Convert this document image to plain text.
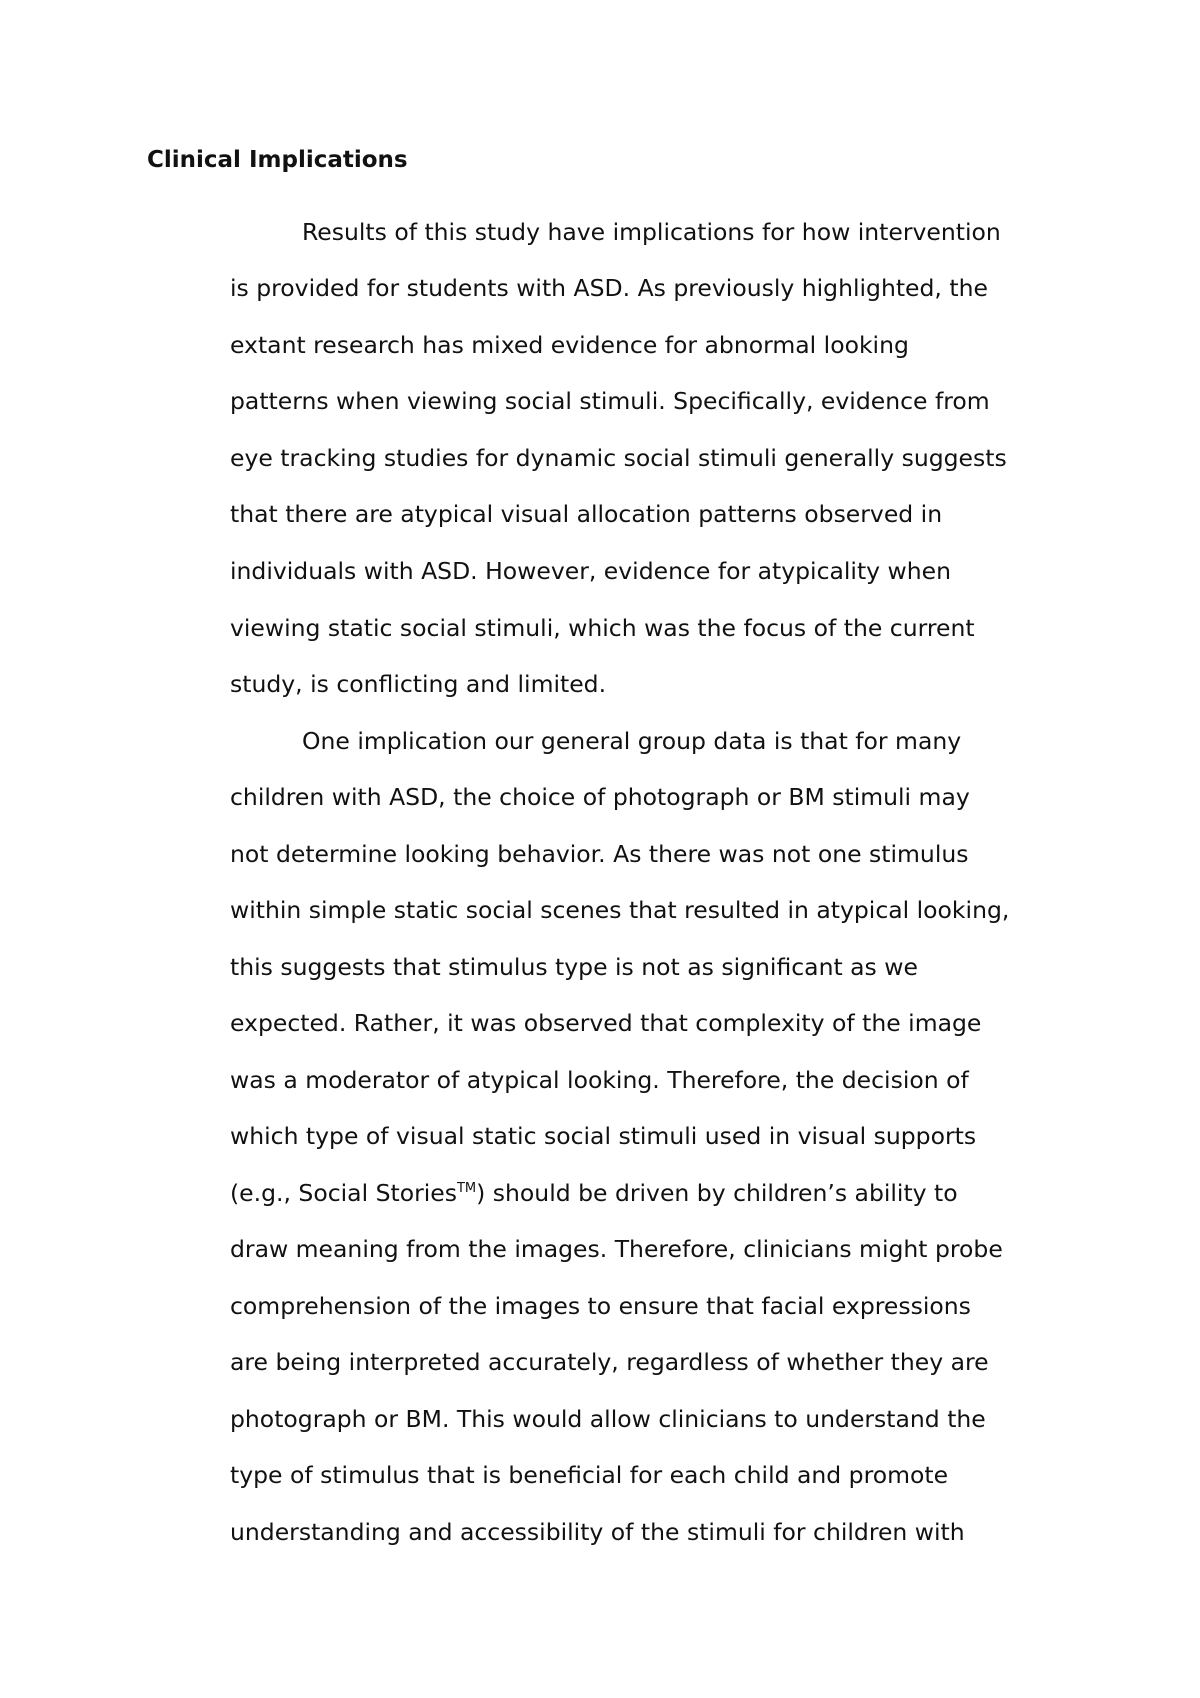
Clinical Implications
Results of this study have implications for how intervention
is provided for students with ASD. As previously highlighted, the
extant research has mixed evidence for abnormal looking
patterns when viewing social stimuli. Specifically, evidence from
eye tracking studies for dynamic social stimuli generally suggests
that there are atypical visual allocation patterns observed in
individuals with ASD. However, evidence for atypicality when
viewing static social stimuli, which was the focus of the current
study, is conflicting and limited.
One implication our general group data is that for many
children with ASD, the choice of photograph or BM stimuli may
not determine looking behavior. As there was not one stimulus
within simple static social scenes that resulted in atypical looking,
this suggests that stimulus type is not as significant as we
expected. Rather, it was observed that complexity of the image
was a moderator of atypical looking. Therefore, the decision of
which type of visual static social stimuli used in visual supports
(e.g., Social Stories™) should be driven by children’s ability to
draw meaning from the images. Therefore, clinicians might probe
comprehension of the images to ensure that facial expressions
are being interpreted accurately, regardless of whether they are
photograph or BM. This would allow clinicians to understand the
type of stimulus that is beneficial for each child and promote
understanding and accessibility of the stimuli for children with
